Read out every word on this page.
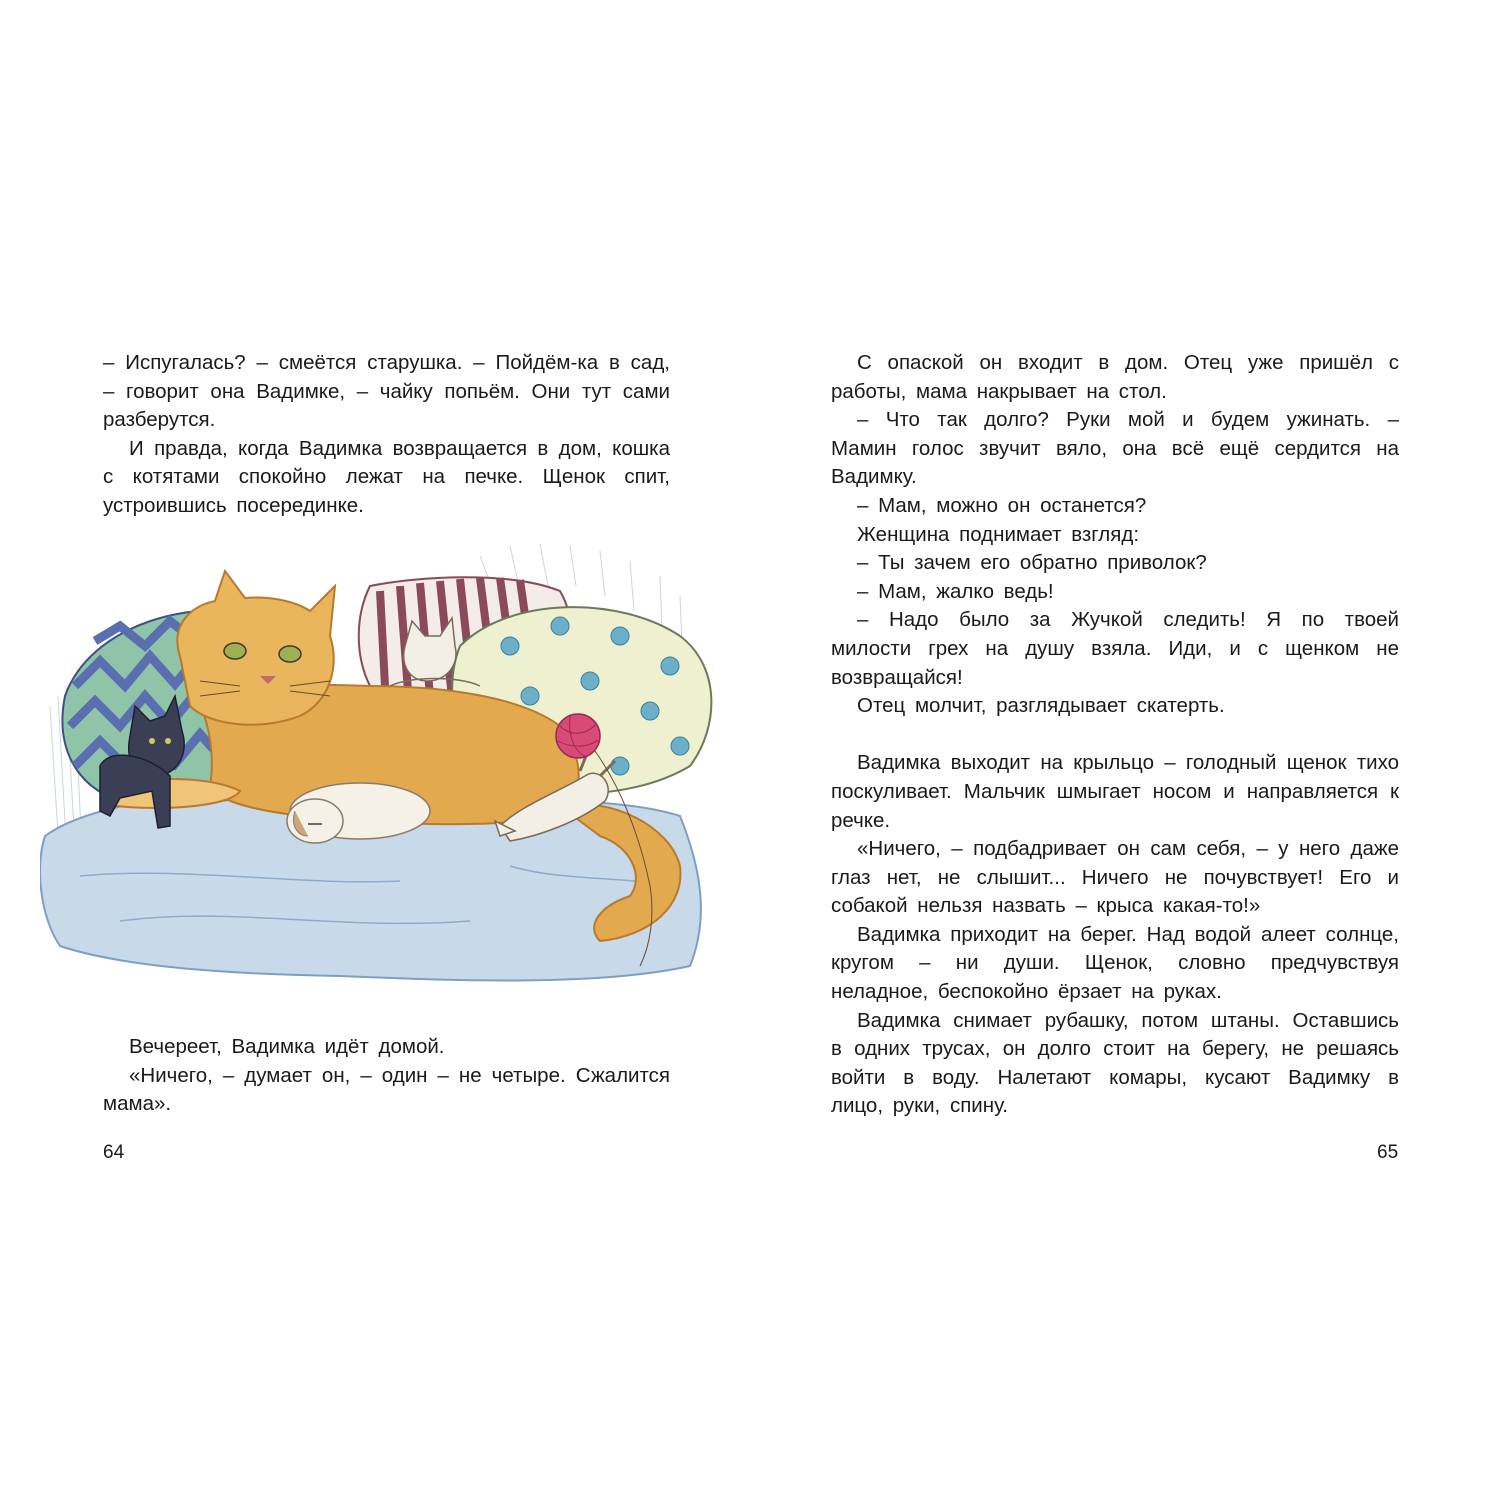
– Испугалась? – смеётся старушка. – Пойдём-ка в сад, – говорит она Вадимке, – чайку попьём. Они тут сами разберутся.

И правда, когда Вадимка возвращается в дом, кошка с котятами спокойно лежат на печке. Щенок спит, устроившись посерединке.

Вечереет, Вадимка идёт домой.

«Ничего, – думает он, – один – не четыре. Сжалится мама».

64

С опаской он входит в дом. Отец уже пришёл с работы, мама накрывает на стол.

– Что так долго? Руки мой и будем ужинать. – Мамин голос звучит вяло, она всё ещё сердится на Вадимку.

– Мам, можно он останется?

Женщина поднимает взгляд:

– Ты зачем его обратно приволок?

– Мам, жалко ведь!

– Надо было за Жучкой следить! Я по твоей милости грех на душу взяла. Иди, и с щенком не возвращайся!

Отец молчит, разглядывает скатерть.

Вадимка выходит на крыльцо – голодный щенок тихо поскуливает. Мальчик шмыгает носом и направляется к речке.

«Ничего, – подбадривает он сам себя, – у него даже глаз нет, не слышит... Ничего не почувствует! Его и собакой нельзя назвать – крыса какая-то!»

Вадимка приходит на берег. Над водой алеет солнце, кругом – ни души. Щенок, словно предчувствуя неладное, беспокойно ёрзает на руках.

Вадимка снимает рубашку, потом штаны. Оставшись в одних трусах, он долго стоит на берегу, не решаясь войти в воду. Налетают комары, кусают Вадимку в лицо, руки, спину.

65
